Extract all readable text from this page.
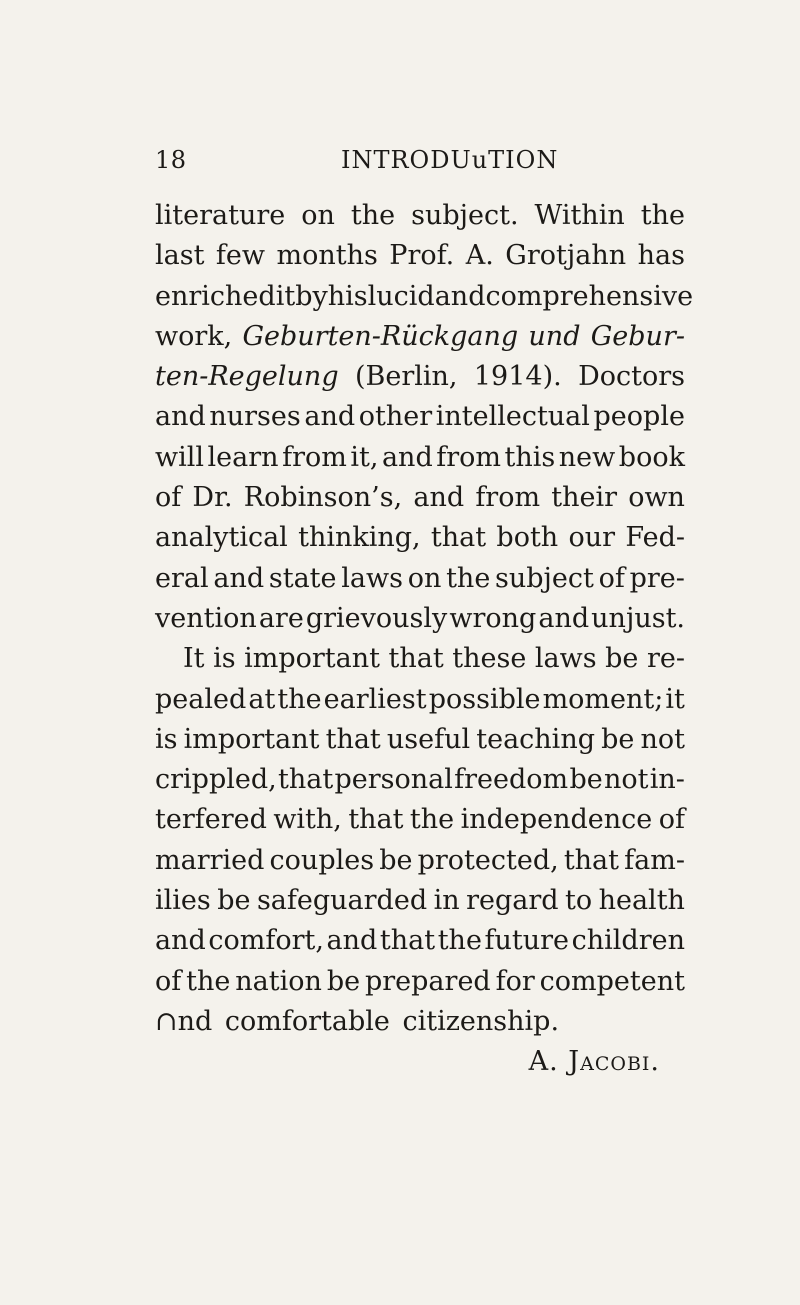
18	INTRODUuTION
literature on the subject. Within the
last few months Prof. A. Grotjahn has
enriched it by his lucid and comprehensive
work, Geburten-Rückgang und Gebur-
ten-Regelung (Berlin, 1914). Doctors
and nurses and other intellectual people
will learn from it, and from this new book
of Dr. Robinson’s, and from their own
analytical thinking, that both our Fed-
eral and state laws on the subject of pre-
vention are grievously wrong and unjust.
It is important that these laws be re-
pealed at the earliest possible moment; it
is important that useful teaching be not
crippled, that personal freedom be not in-
terfered with, that the independence of
married couples be protected, that fam-
ilies be safeguarded in regard to health
and comfort, and that the future children
of the nation be prepared for competent
∩nd
comfortable
citizenship.
A. Jacobi.
